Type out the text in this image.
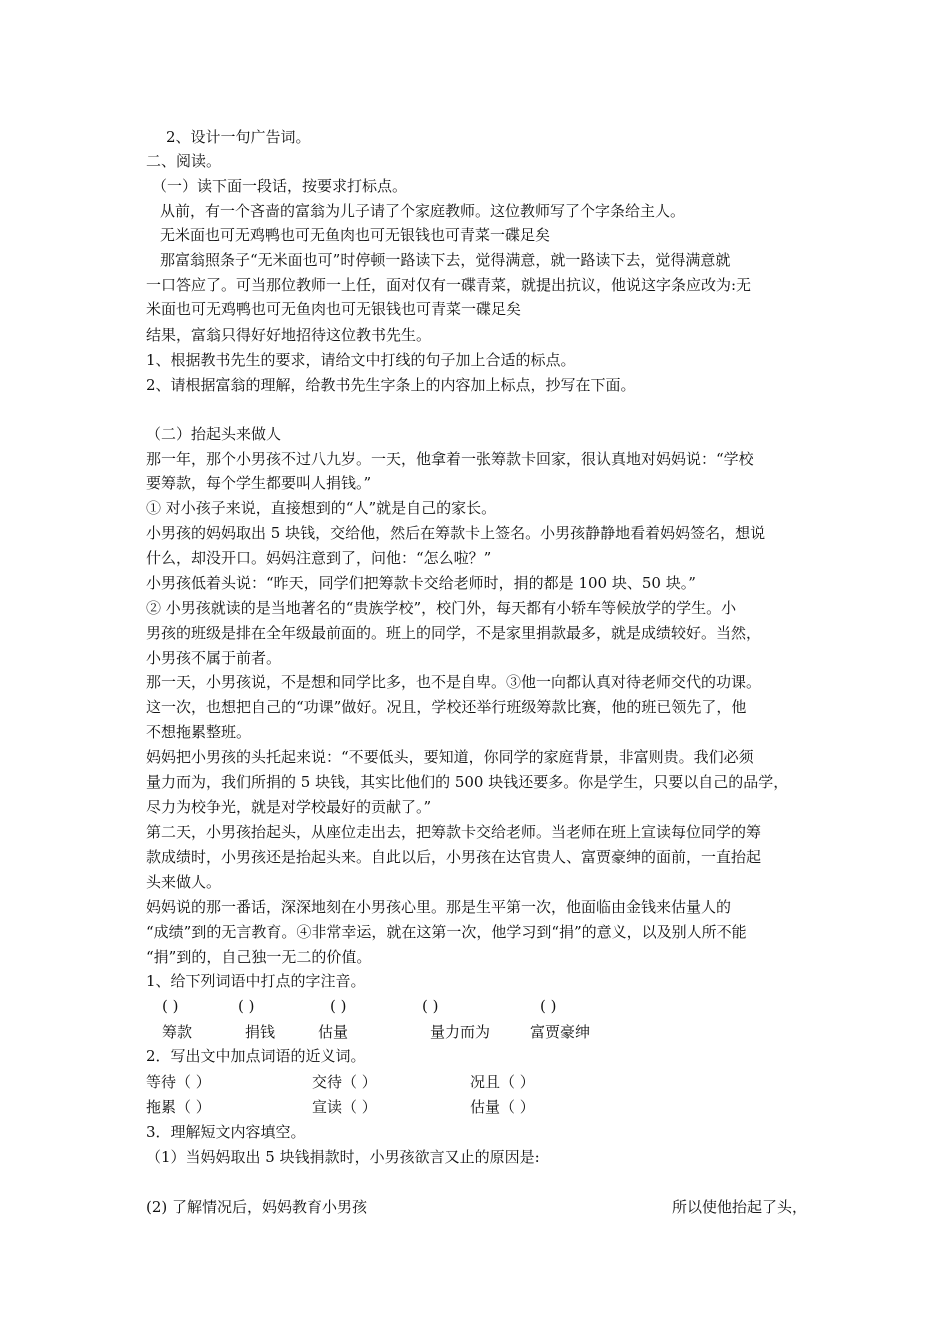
2、设计一句广告词。
二、阅读。
（一）读下面一段话，按要求打标点。
从前，有一个吝啬的富翁为儿子请了个家庭教师。这位教师写了个字条给主人。
无米面也可无鸡鸭也可无鱼肉也可无银钱也可青菜一碟足矣
那富翁照条子“无米面也可”时停顿一路读下去，觉得满意，就一路读下去，觉得满意就
一口答应了。可当那位教师一上任，面对仅有一碟青菜，就提出抗议，他说这字条应改为:无
米面也可无鸡鸭也可无鱼肉也可无银钱也可青菜一碟足矣
结果，富翁只得好好地招待这位教书先生。
1、根据教书先生的要求，请给文中打线的句子加上合适的标点。
2、请根据富翁的理解，给教书先生字条上的内容加上标点，抄写在下面。
（二）抬起头来做人
那一年，那个小男孩不过八九岁。一天，他拿着一张筹款卡回家，很认真地对妈妈说：“学校
要筹款，每个学生都要叫人捐钱。”
① 对小孩子来说，直接想到的“人”就是自己的家长。
小男孩的妈妈取出 5 块钱，交给他，然后在筹款卡上签名。小男孩静静地看着妈妈签名，想说
什么，却没开口。妈妈注意到了，问他：“怎么啦？”
小男孩低着头说：“昨天，同学们把筹款卡交给老师时，捐的都是 100 块、50 块。”
② 小男孩就读的是当地著名的“贵族学校”，校门外，每天都有小轿车等候放学的学生。小
男孩的班级是排在全年级最前面的。班上的同学，不是家里捐款最多，就是成绩较好。当然，
小男孩不属于前者。
那一天，小男孩说，不是想和同学比多，也不是自卑。③他一向都认真对待老师交代的功课。
这一次，也想把自己的“功课”做好。况且，学校还举行班级筹款比赛，他的班已领先了，他
不想拖累整班。
妈妈把小男孩的头托起来说：“不要低头，要知道，你同学的家庭背景，非富则贵。我们必须
量力而为，我们所捐的 5 块钱，其实比他们的 500 块钱还要多。你是学生，只要以自己的品学，
尽力为校争光，就是对学校最好的贡献了。”
第二天，小男孩抬起头，从座位走出去，把筹款卡交给老师。当老师在班上宣读每位同学的筹
款成绩时，小男孩还是抬起头来。自此以后，小男孩在达官贵人、富贾豪绅的面前，一直抬起
头来做人。
妈妈说的那一番话，深深地刻在小男孩心里。那是生平第一次，他面临由金钱来估量人的
“成绩”到的无言教育。④非常幸运，就在这第一次，他学习到“捐”的意义，以及别人所不能
“捐”到的，自己独一无二的价值。
1、给下列词语中打点的字注音。
( )	( )	( )	( )	( )
筹款	捐钱	估量	量力而为	富贾豪绅
2．写出文中加点词语的近义词。
等待（ ）	交待（ ）	况且（ ）
拖累（ ）	宣读（ ）	估量（ ）
3．理解短文内容填空。
（1）当妈妈取出 5 块钱捐款时，小男孩欲言又止的原因是:
(2) 了解情况后，妈妈教育小男孩	所以使他抬起了头，
